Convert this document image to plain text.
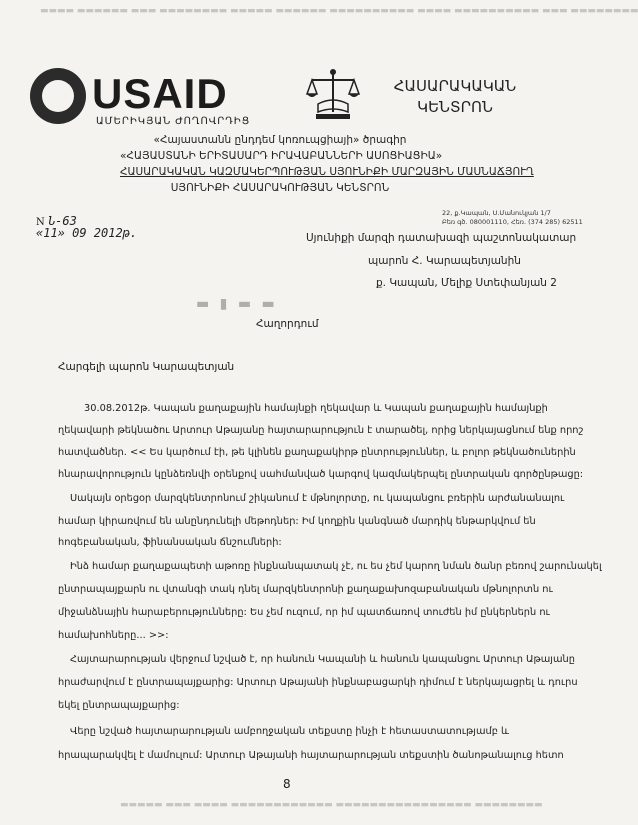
▬▬▬▬ ▬▬▬▬▬▬ ▬▬▬ ▬▬▬▬▬▬▬▬ ▬▬▬▬▬ ▬▬▬▬▬▬ ▬▬▬▬▬▬▬▬▬▬ ▬▬▬▬ ▬▬▬▬▬▬▬▬▬▬ ▬▬▬ ▬▬▬▬▬▬▬▬
USAID
ԱՄԵՐԻԿՅԱՆ ԺՈՂՈՎՐԴԻՑ
ՀԱՍԱՐԱԿԱԿԱՆ
ԿԵՆՏՐՈՆ
«Հայաստանն ընդդեմ կոռուպցիայի» ծրագիր
«ՀԱՅԱՍՏԱՆԻ ԵՐԻՏԱՍԱՐԴ ԻՐԱՎԱԲԱՆՆԵՐԻ ԱՍՈՑԻԱՑԻԱ»
ՀԱՍԱՐԱԿԱԿԱՆ ԿԱԶՄԱԿԵՐՊՈՒԹՅԱՆ ՍՅՈՒՆԻՔԻ ՄԱՐԶԱՅԻՆ ՄԱՍՆԱՃՅՈՒՂ
ՍՅՈՒՆԻՔԻ ՀԱՍԱՐԱԿՈՒԹՅԱՆ ԿԵՆՏՐՈՆ
N Ն-63
«11» 09 2012թ.
22, ք.Կապան, Ս.Մանուկյան 1/7
Բեռ գծ. 080001110, Հեռ. (374 285) 62511
Սյունիքի մարզի դատախազի պաշտոնակատար
պարոն Հ. Կարապետյանին
ք. Կապան, Մելիք Ստեփանյան 2
▬ ▮ ▬ ▬
Հաղորդում
Հարգելի պարոն Կարապետյան
30.08.2012թ. Կապան քաղաքային համայնքի ղեկավար և Կապան քաղաքային համայնքի
ղեկավարի թեկնածու Արտուր Աթայանը հայտարարություն է տարածել, որից ներկայացնում ենք որոշ
հատվածներ. << Ես կարծում էի, թե կլինեն քաղաքակիրթ ընտրություններ, և բոլոր թեկնածուներին
հնարավորություն կընձեռնվի օրենքով սահմանված կարգով կազմակերպել ընտրական գործընթացը:
Սակայն օրեցօր մարզկենտրոնում շիկանում է մթնոլորտը, ու կապանցու բռերին արժանանալու
համար կիրառվում են անընդունելի մեթոդներ: Իմ կողքին կանգնած մարդիկ ենթարկվում են
հոգեբանական, ֆինանսական ճնշումների:
Ինձ համար քաղաքապետի աթոռը ինքնանպատակ չէ, ու ես չեմ կարող նման ծանր բեռով շարունակել
ընտրապայքարն ու վտանգի տակ դնել մարզկենտրոնի քաղաքախոզաբանական մթնոլորտն ու
միջանձնային հարաբերությունները: Ես չեմ ուզում, որ իմ պատճառով տուժեն իմ ընկերներն ու
համախոհները... >>:
Հայտարարության վերջում նշված է, որ հանուն Կապանի և հանուն կապանցու Արտուր Աթայանը
հրաժարվում է ընտրապայքարից: Արտուր Աթայանի ինքնաբացարկի դիմում է ներկայացրել և դուրս
եկել ընտրապայքարից:
Վերը նշված հայտարարության ամբողջական տեքստը ինչի է հետաստատությամբ և
հրապարակվել է մամուլում: Արտուր Աթայանի հայտարարության տեքստին ծանոթանալուց հետո
8
▬▬▬▬▬ ▬▬▬ ▬▬▬▬ ▬▬▬▬▬▬▬▬▬▬▬▬ ▬▬▬▬▬▬▬▬▬▬▬▬▬▬▬▬ ▬▬▬▬▬▬▬▬
